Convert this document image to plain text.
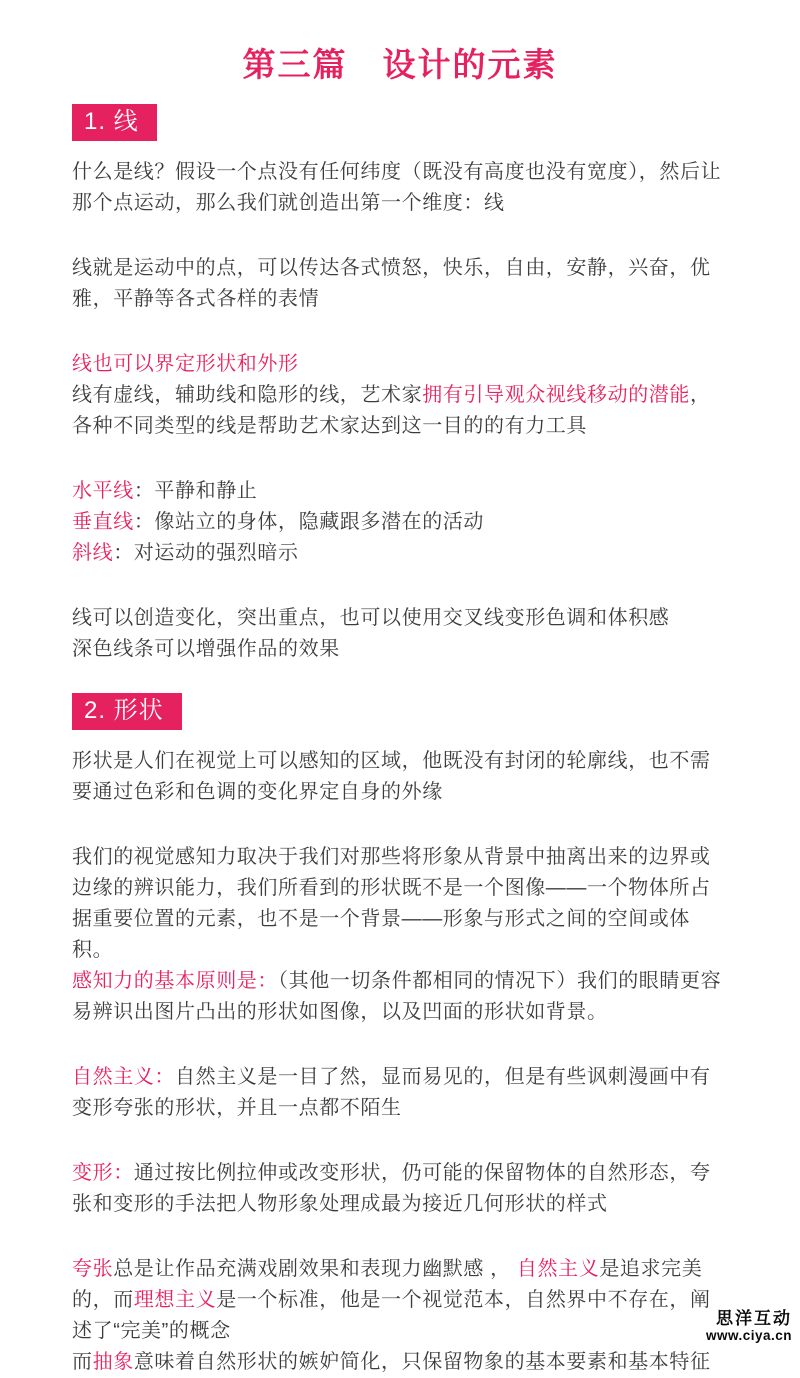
第三篇　设计的元素
1. 线

什么是线？假设一个点没有任何纬度（既没有高度也没有宽度），然后让那个点运动，那么我们就创造出第一个维度：线

线就是运动中的点，可以传达各式愤怒，快乐，自由，安静，兴奋，优雅，平静等各式各样的表情

线也可以界定形状和外形

线有虚线，辅助线和隐形的线，艺术家拥有引导观众视线移动的潜能，各种不同类型的线是帮助艺术家达到这一目的的有力工具

水平线：平静和静止

垂直线：像站立的身体，隐藏跟多潜在的活动

斜线：对运动的强烈暗示

线可以创造变化，突出重点，也可以使用交叉线变形色调和体积感

深色线条可以增强作品的效果

2. 形状

形状是人们在视觉上可以感知的区域，他既没有封闭的轮廓线，也不需要通过色彩和色调的变化界定自身的外缘

我们的视觉感知力取决于我们对那些将形象从背景中抽离出来的边界或边缘的辨识能力，我们所看到的形状既不是一个图像——一个物体所占据重要位置的元素，也不是一个背景——形象与形式之间的空间或体积。

感知力的基本原则是：（其他一切条件都相同的情况下）我们的眼睛更容易辨识出图片凸出的形状如图像，以及凹面的形状如背景。

自然主义：自然主义是一目了然，显而易见的，但是有些讽刺漫画中有变形夸张的形状，并且一点都不陌生

变形：通过按比例拉伸或改变形状，仍可能的保留物体的自然形态，夸张和变形的手法把人物形象处理成最为接近几何形状的样式

夸张总是让作品充满戏剧效果和表现力幽默感 ， 自然主义是追求完美的，而理想主义是一个标准，他是一个视觉范本，自然界中不存在，阐述了“完美”的概念

而抽象意味着自然形状的嫉妒简化，只保留物象的基本要素和基本特征

思洋互动
www.ciya.cn
